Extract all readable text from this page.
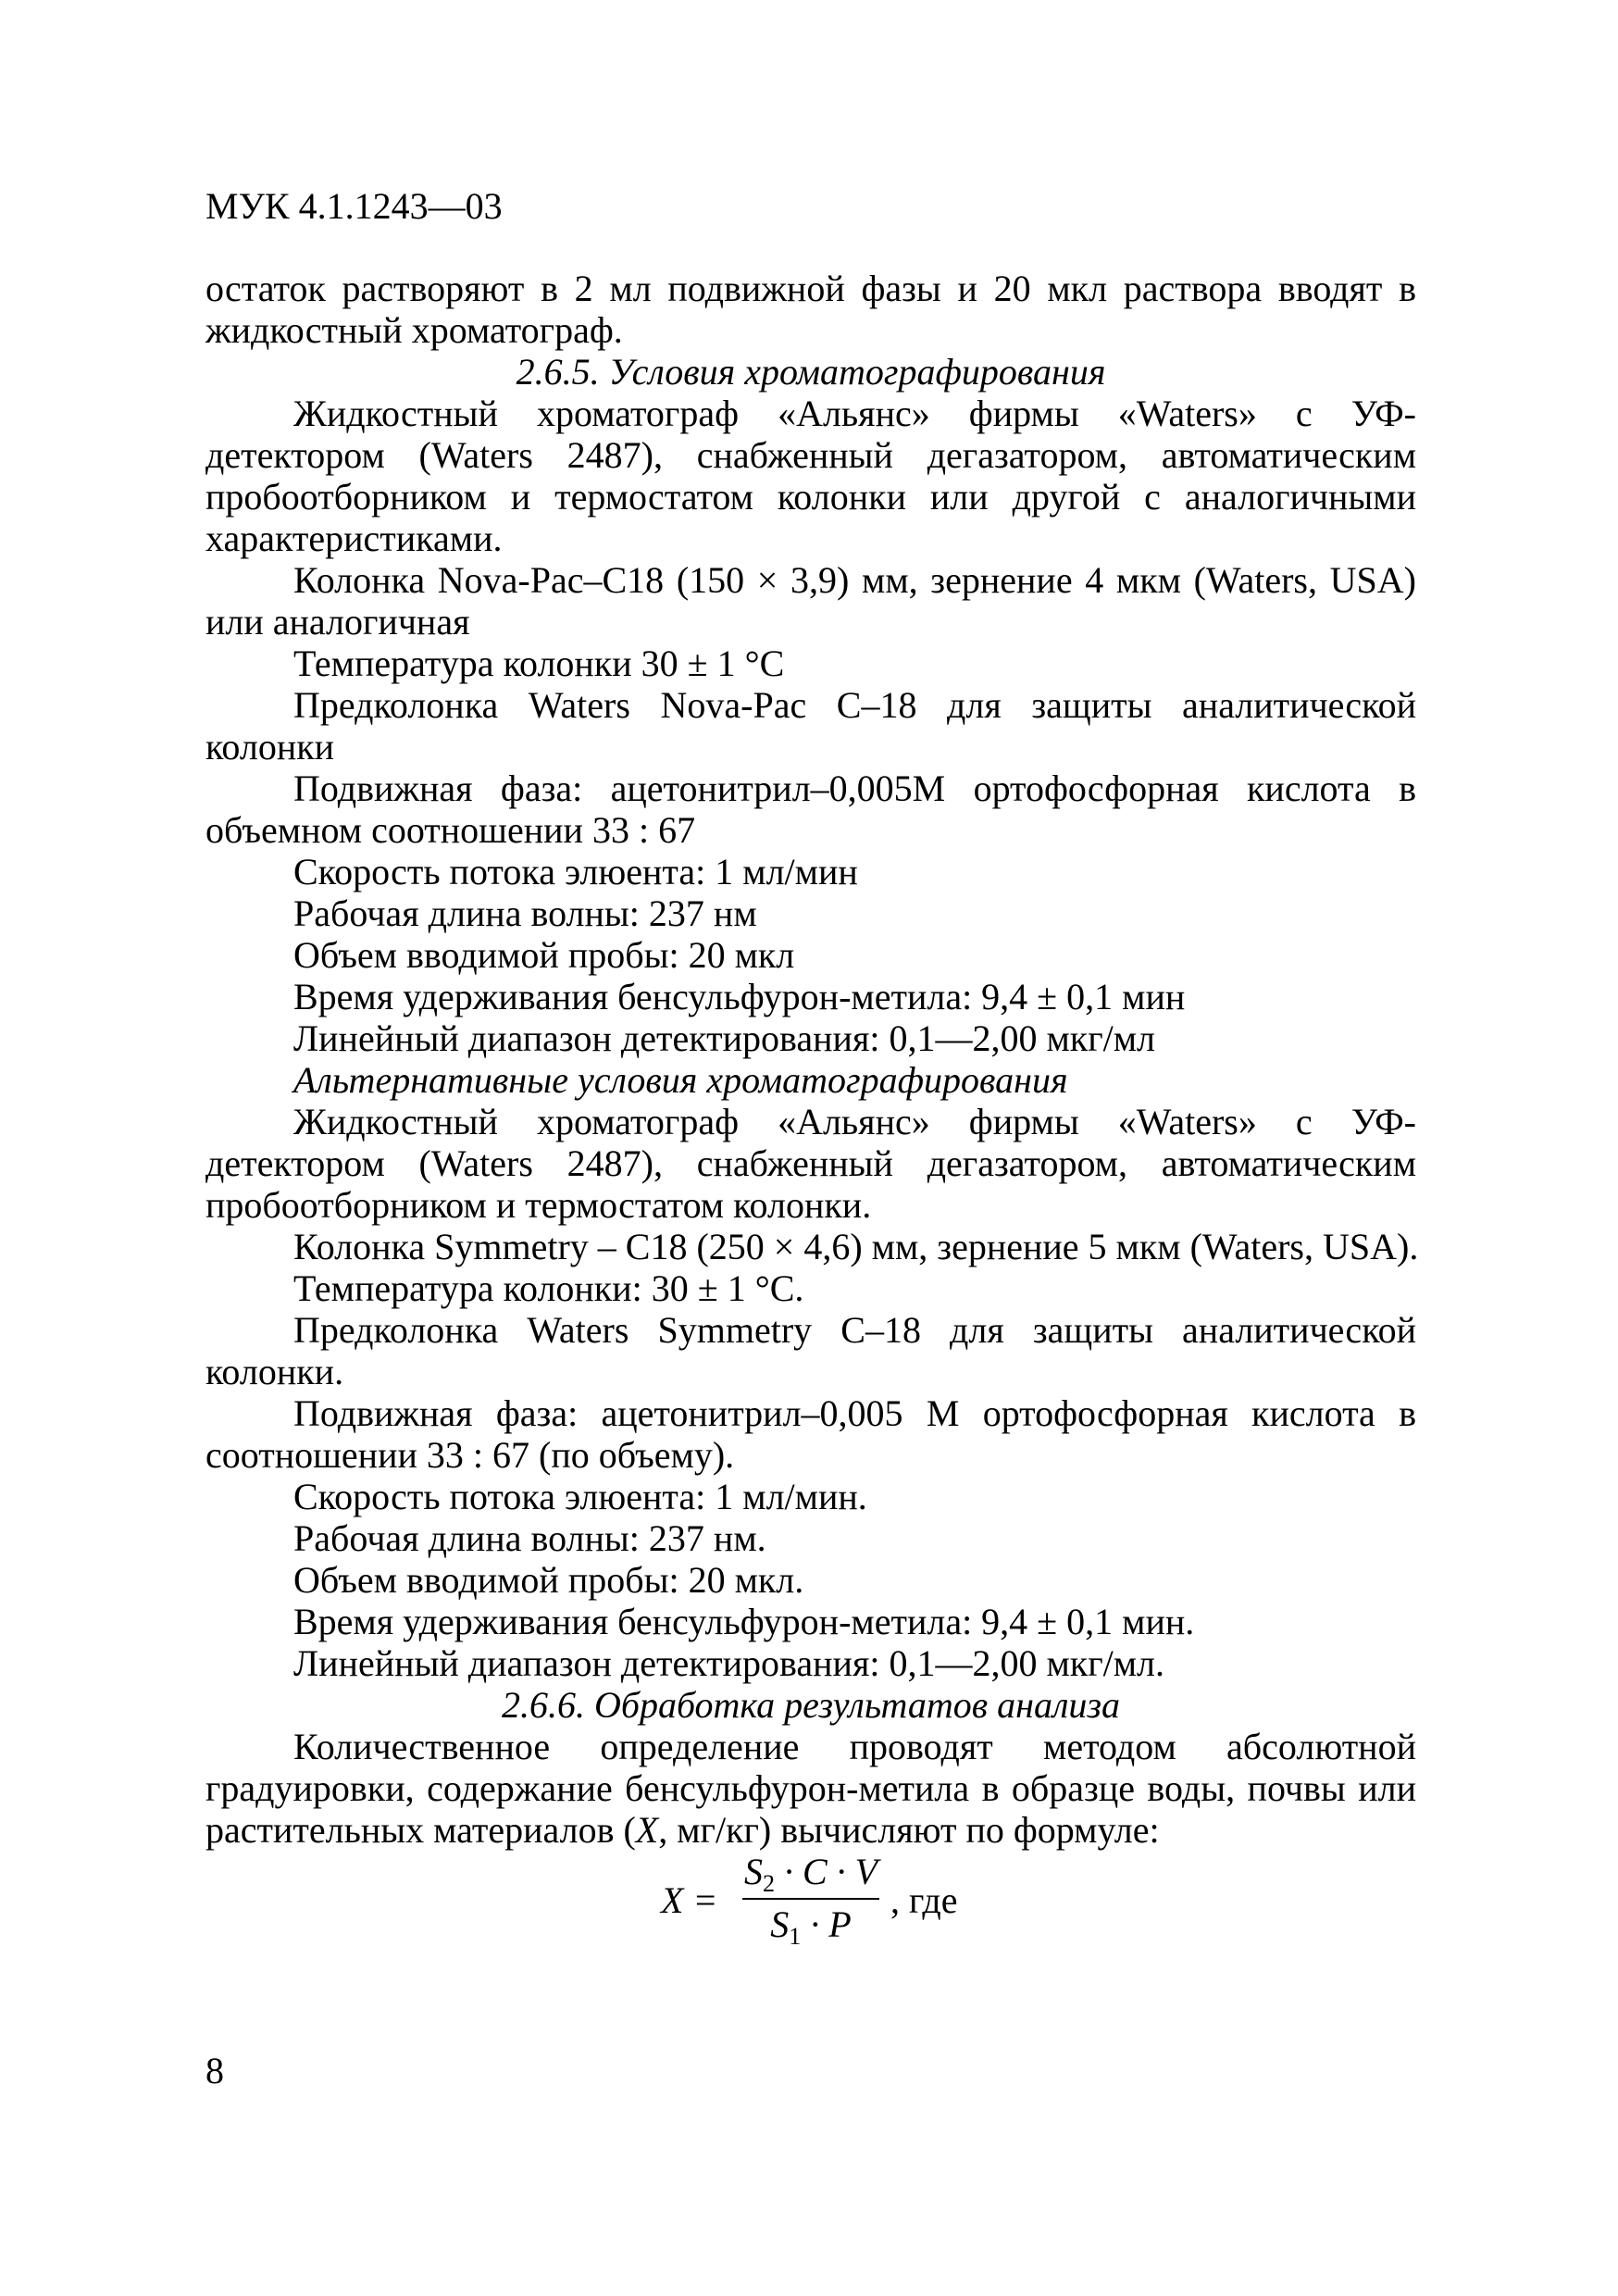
МУК 4.1.1243—03

остаток растворяют в 2 мл подвижной фазы и 20 мкл раствора вводят в жидкостный хроматограф.

2.6.5. Условия хроматографирования

Жидкостный хроматограф «Альянс» фирмы «Waters» с УФ-детектором (Waters 2487), снабженный дегазатором, автоматическим пробоотборником и термостатом колонки или другой с аналогичными характеристиками.

Колонка Nova-Pac–C18 (150 × 3,9) мм, зернение 4 мкм (Waters, USA) или аналогичная

Температура колонки 30 ± 1 °C

Предколонка Waters Nova-Pac C–18 для защиты аналитической колонки

Подвижная фаза: ацетонитрил–0,005М ортофосфорная кислота в объемном соотношении 33 : 67

Скорость потока элюента: 1 мл/мин

Рабочая длина волны: 237 нм

Объем вводимой пробы: 20 мкл

Время удерживания бенсульфурон-метила: 9,4 ± 0,1 мин

Линейный диапазон детектирования: 0,1—2,00 мкг/мл

Альтернативные условия хроматографирования

Жидкостный хроматограф «Альянс» фирмы «Waters» с УФ-детектором (Waters 2487), снабженный дегазатором, автоматическим пробоотборником и термостатом колонки.

Колонка Symmetry – C18 (250 × 4,6) мм, зернение 5 мкм (Waters, USA).

Температура колонки: 30 ± 1 °C.

Предколонка Waters Symmetry C–18 для защиты аналитической колонки.

Подвижная фаза: ацетонитрил–0,005 М ортофосфорная кислота в соотношении 33 : 67 (по объему).

Скорость потока элюента: 1 мл/мин.

Рабочая длина волны: 237 нм.

Объем вводимой пробы: 20 мкл.

Время удерживания бенсульфурон-метила: 9,4 ± 0,1 мин.

Линейный диапазон детектирования: 0,1—2,00 мкг/мл.

2.6.6. Обработка результатов анализа

Количественное определение проводят методом абсолютной градуировки, содержание бенсульфурон-метила в образце воды, почвы или растительных материалов (X, мг/кг) вычисляют по формуле:

X =
$S_2 \cdot C \cdot V$
$S_1 \cdot P$
, где
8
